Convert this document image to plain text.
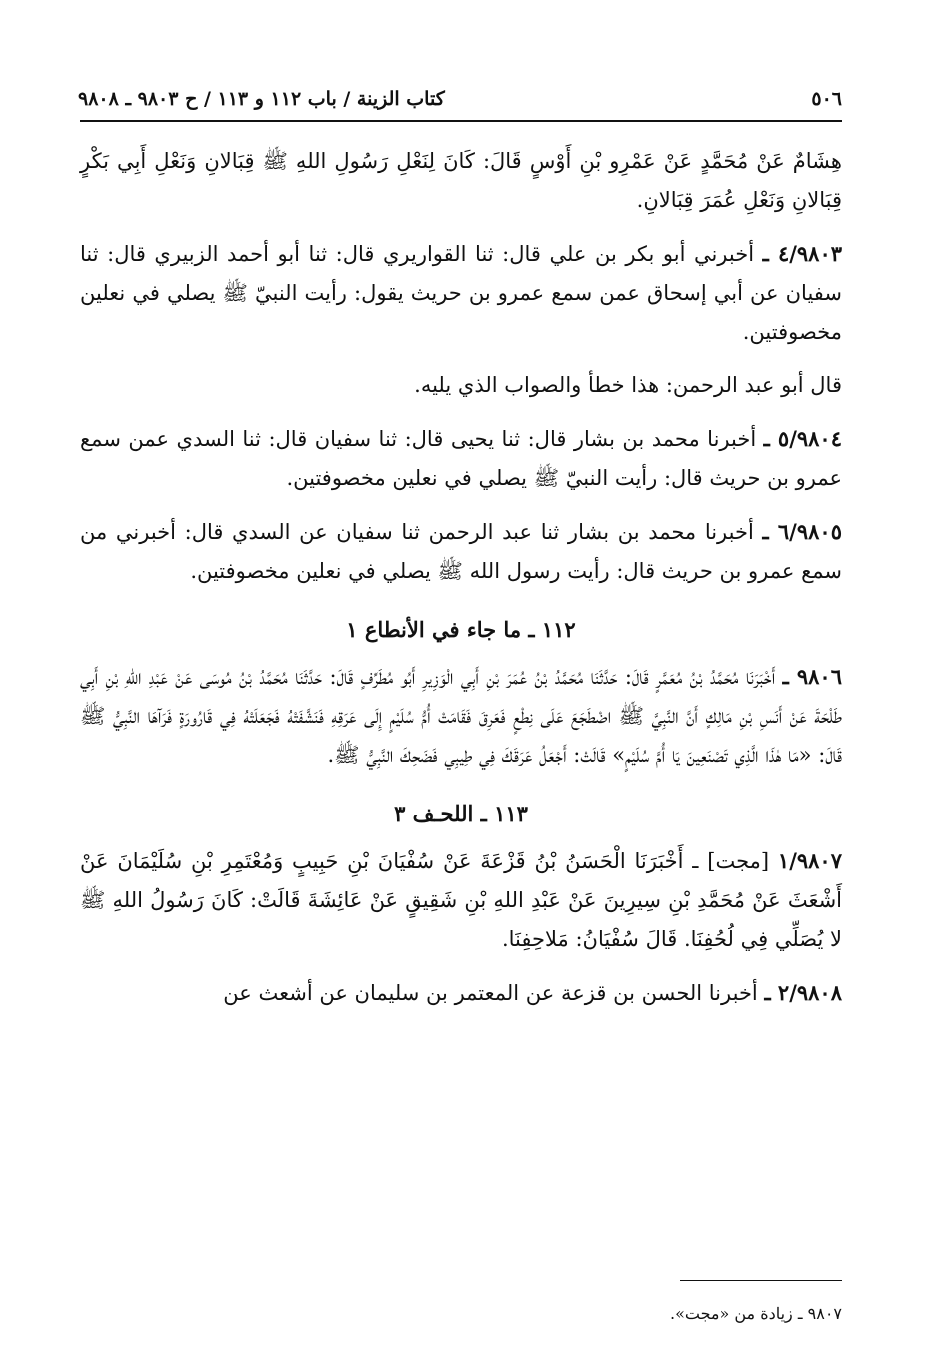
٥٠٦
كتاب الزينة / باب ١١٢ و ١١٣ / ح ٩٨٠٣ ـ ٩٨٠٨

هِشَامٌ عَنْ مُحَمَّدٍ عَنْ عَمْرِو بْنِ أَوْسٍ قَالَ: كَانَ لِنَعْلِ رَسُولِ اللهِ ﷺ قِبَالانِ وَنَعْلِ أَبِي بَكْرٍ قِبَالانِ وَنَعْلِ عُمَرَ قِبَالانِ.

٤/٩٨٠٣ ـ أخبرني أبو بكر بن علي قال: ثنا القواريري قال: ثنا أبو أحمد الزبيري قال: ثنا سفيان عن أبي إسحاق عمن سمع عمرو بن حريث يقول: رأيت النبيّ ﷺ يصلي في نعلين مخصوفتين.

قال أبو عبد الرحمن: هذا خطأ والصواب الذي يليه.

٥/٩٨٠٤ ـ أخبرنا محمد بن بشار قال: ثنا يحيى قال: ثنا سفيان قال: ثنا السدي عمن سمع عمرو بن حريث قال: رأيت النبيّ ﷺ يصلي في نعلين مخصوفتين.

٦/٩٨٠٥ ـ أخبرنا محمد بن بشار ثنا عبد الرحمن ثنا سفيان عن السدي قال: أخبرني من سمع عمرو بن حريث قال: رأيت رسول الله ﷺ يصلي في نعلين مخصوفتين.

١١٢ ـ ما جاء في الأنطاع ١

٩٨٠٦ ـ أَخْبَرَنَا مُحَمَّدُ بْنُ مُعَمَّرٍ قَالَ: حَدَّثَنَا مُحَمَّدُ بْنُ عُمَرَ بْنِ أَبِي الْوَزِيرِ أَبُو مُطَرِّفٍ قَالَ: حَدَّثَنَا مُحَمَّدُ بْنُ مُوسَى عَنْ عَبْدِ اللهِ بْنِ أَبِي طَلْحَةَ عَنْ أَنَسِ بْنِ مَالِكٍ أَنَّ النَّبِيَّ ﷺ اضْطَجَعَ عَلَى نِطْعٍ فَعَرِقَ فَقَامَتْ أُمُّ سُلَيْمٍ إِلَى عَرَقِهِ فَنَشَّفَتْهُ فَجَعَلَتْهُ فِي قَارُورَةٍ فَرَآهَا النَّبِيُّ ﷺ قَالَ: «مَا هٰذَا الَّذِي تَصْنَعِينَ يَا أُمَّ سُلَيْمٍ» قَالَتْ: أَجْعَلُ عَرَقَكَ فِي طِيبِي فَضَحِكَ النَّبِيُّ ﷺ.

١١٣ ـ اللحـف ٣

١/٩٨٠٧ [مجت] ـ أَخْبَرَنَا الْحَسَنُ بْنُ قَزْعَةَ عَنْ سُفْيَانَ بْنِ حَبِيبٍ وَمُعْتَمِرِ بْنِ سُلَيْمَانَ عَنْ أَشْعَثَ عَنْ مُحَمَّدِ بْنِ سِيرِينَ عَنْ عَبْدِ اللهِ بْنِ شَقِيقٍ عَنْ عَائِشَةَ قَالَتْ: كَانَ رَسُولُ اللهِ ﷺ لا يُصَلِّي فِي لُحُفِنَا. قَالَ سُفْيَانُ: مَلاحِفِنَا.

٢/٩٨٠٨ ـ أخبرنا الحسن بن قزعة عن المعتمر بن سليمان عن أشعث عن

٩٨٠٧ ـ زيادة من «مجت».
